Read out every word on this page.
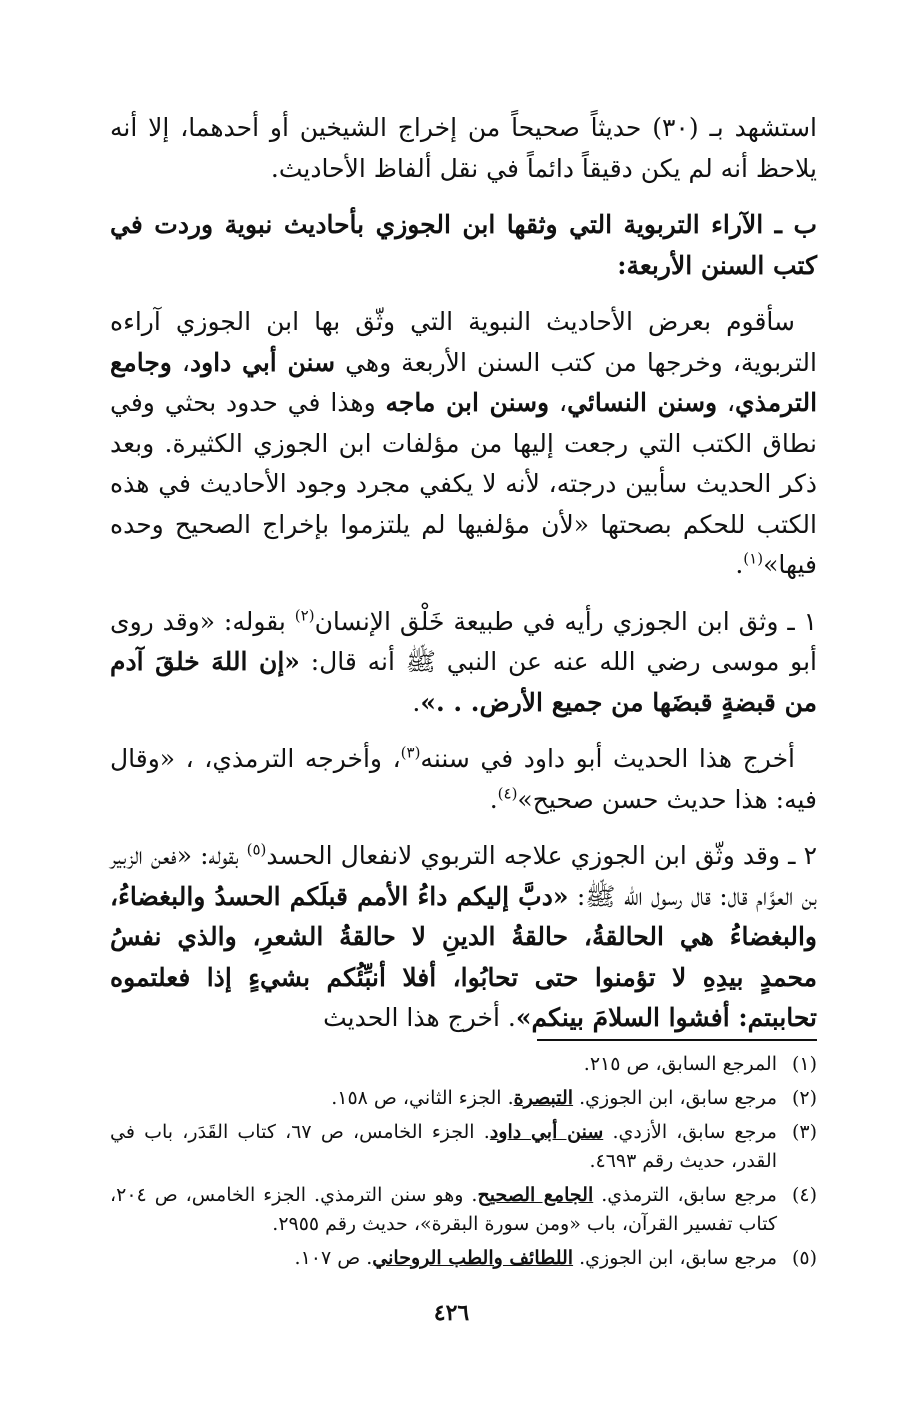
استشهد بـ (٣٠) حديثاً صحيحاً من إخراج الشيخين أو أحدهما، إلا أنه يلاحظ أنه لم يكن دقيقاً دائماً في نقل ألفاظ الأحاديث.

ب ـ الآراء التربوية التي وثقها ابن الجوزي بأحاديث نبوية وردت في كتب السنن الأربعة:

سأقوم بعرض الأحاديث النبوية التي وثّق بها ابن الجوزي آراءه التربوية، وخرجها من كتب السنن الأربعة وهي سنن أبي داود، وجامع الترمذي، وسنن النسائي، وسنن ابن ماجه وهذا في حدود بحثي وفي نطاق الكتب التي رجعت إليها من مؤلفات ابن الجوزي الكثيرة. وبعد ذكر الحديث سأبين درجته، لأنه لا يكفي مجرد وجود الأحاديث في هذه الكتب للحكم بصحتها «لأن مؤلفيها لم يلتزموا بإخراج الصحيح وحده فيها»$^{(١)}$.

١ ـ وثق ابن الجوزي رأيه في طبيعة خَلْق الإنسان$^{(٢)}$ بقوله: «وقد روى أبو موسى رضي الله عنه عن النبي ﷺ أنه قال: «إن اللهَ خلقَ آدم من قبضةٍ قبضَها من جميع الأرض. . .».

أخرج هذا الحديث أبو داود في سننه$^{(٣)}$، وأخرجه الترمذي، ، «وقال فيه: هذا حديث حسن صحيح»$^{(٤)}$.

٢ ـ وقد وثّق ابن الجوزي علاجه التربوي لانفعال الحسد$^{(٥)}$ بقوله: «فعن الزبير بن العوَّام قال: قال رسول الله ﷺ: «دبَّ إليكم داءُ الأمم قبلَكم الحسدُ والبغضاءُ، والبغضاءُ هي الحالقةُ، حالقةُ الدينِ لا حالقةُ الشعرِ، والذي نفسُ محمدٍ بيدِهِ لا تؤمنوا حتى تحابُوا، أفلا أنبِّئُكم بشيءٍ إذا فعلتموه تحاببتم: أفشوا السلامَ بينكم». أخرج هذا الحديث

(١)
المرجع السابق، ص ٢١٥.
(٢)
مرجع سابق، ابن الجوزي. التبصرة. الجزء الثاني، ص ١٥٨.
(٣)
مرجع سابق، الأزدي. سنن أبي داود. الجزء الخامس، ص ٦٧، كتاب القَدَر، باب في القدر، حديث رقم ٤٦٩٣.
(٤)
مرجع سابق، الترمذي. الجامع الصحيح. وهو سنن الترمذي. الجزء الخامس، ص ٢٠٤، كتاب تفسير القرآن، باب «ومن سورة البقرة»، حديث رقم ٢٩٥٥.
(٥)
مرجع سابق، ابن الجوزي. اللطائف والطب الروحاني. ص ١٠٧.
٤٢٦
